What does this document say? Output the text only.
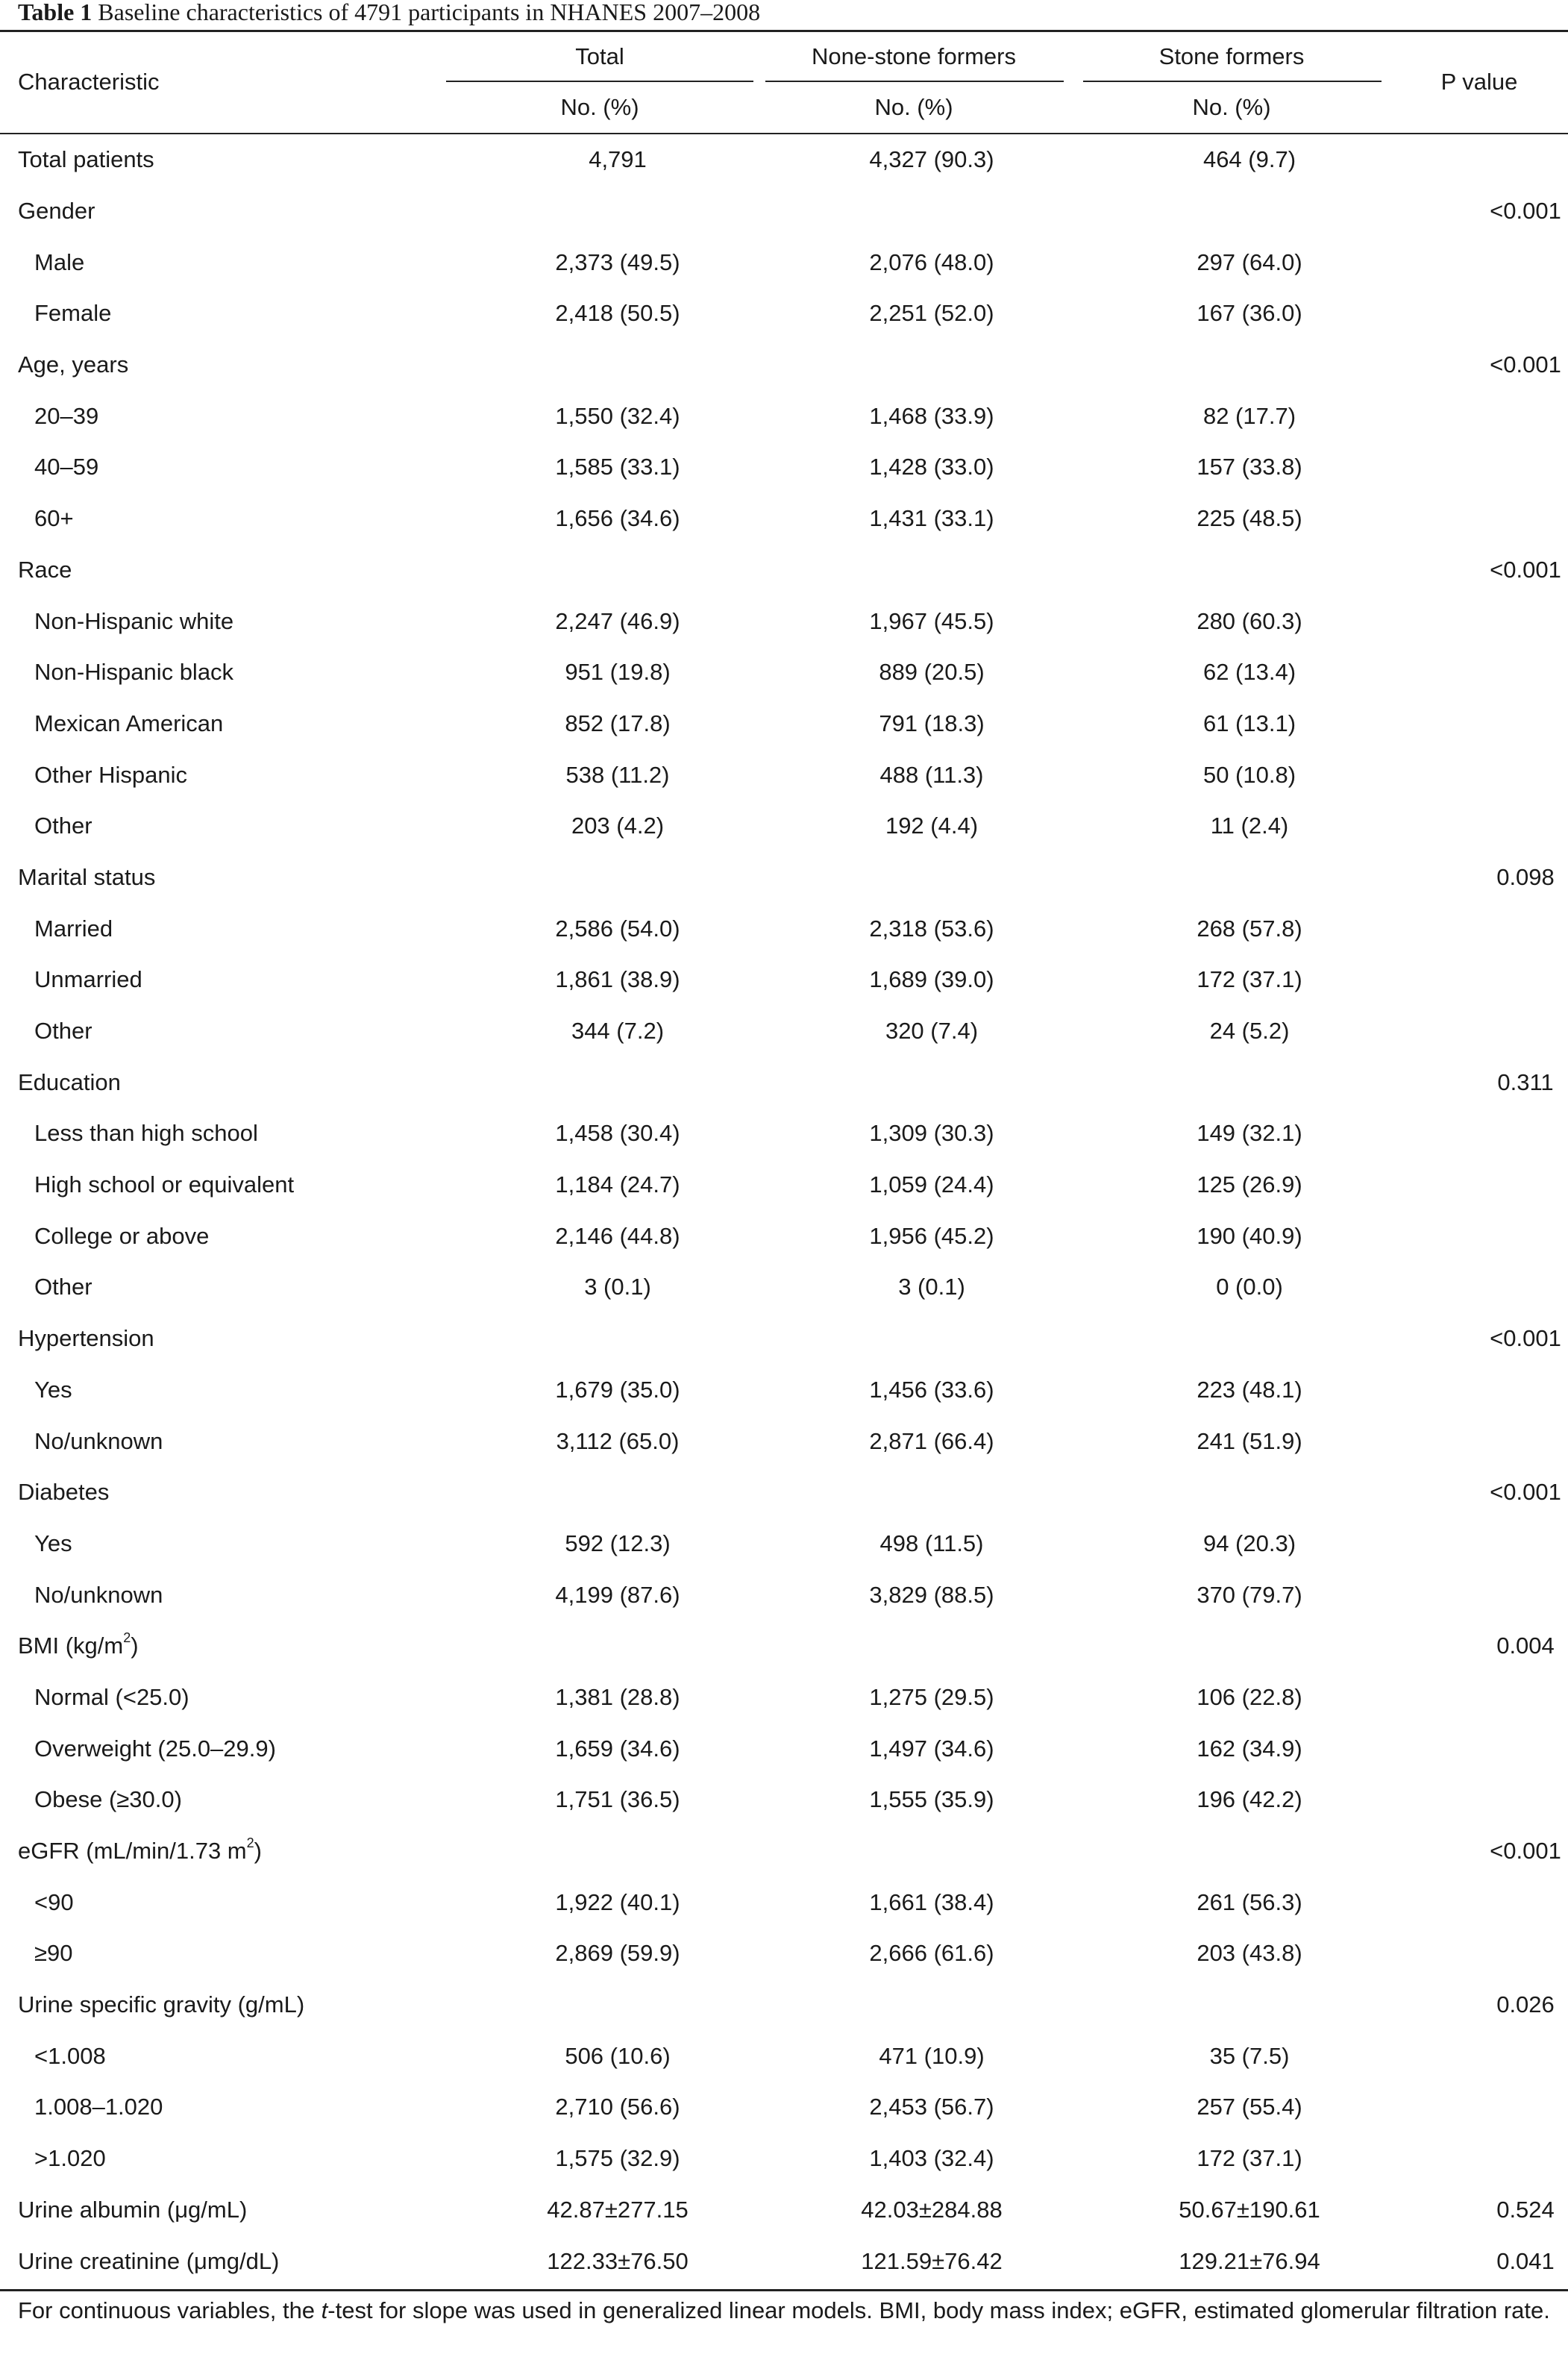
Table 1 Baseline characteristics of 4791 participants in NHANES 2007–2008
Characteristic
Total	None-stone formers	Stone formers
No. (%)	No. (%)	No. (%)
P value
Total patients	4,791	4,327 (90.3)	464 (9.7)	
Gender				<0.001
Male	2,373 (49.5)	2,076 (48.0)	297 (64.0)	
Female	2,418 (50.5)	2,251 (52.0)	167 (36.0)	
Age, years				<0.001
20–39	1,550 (32.4)	1,468 (33.9)	82 (17.7)	
40–59	1,585 (33.1)	1,428 (33.0)	157 (33.8)	
60+	1,656 (34.6)	1,431 (33.1)	225 (48.5)	
Race				<0.001
Non-Hispanic white	2,247 (46.9)	1,967 (45.5)	280 (60.3)	
Non-Hispanic black	951 (19.8)	889 (20.5)	62 (13.4)	
Mexican American	852 (17.8)	791 (18.3)	61 (13.1)	
Other Hispanic	538 (11.2)	488 (11.3)	50 (10.8)	
Other	203 (4.2)	192 (4.4)	11 (2.4)	
Marital status				0.098
Married	2,586 (54.0)	2,318 (53.6)	268 (57.8)	
Unmarried	1,861 (38.9)	1,689 (39.0)	172 (37.1)	
Other	344 (7.2)	320 (7.4)	24 (5.2)	
Education				0.311
Less than high school	1,458 (30.4)	1,309 (30.3)	149 (32.1)	
High school or equivalent	1,184 (24.7)	1,059 (24.4)	125 (26.9)	
College or above	2,146 (44.8)	1,956 (45.2)	190 (40.9)	
Other	3 (0.1)	3 (0.1)	0 (0.0)	
Hypertension				<0.001
Yes	1,679 (35.0)	1,456 (33.6)	223 (48.1)	
No/unknown	3,112 (65.0)	2,871 (66.4)	241 (51.9)	
Diabetes				<0.001
Yes	592 (12.3)	498 (11.5)	94 (20.3)	
No/unknown	4,199 (87.6)	3,829 (88.5)	370 (79.7)	
BMI $(kg/m^2)$				0.004
Normal (<25.0)	1,381 (28.8)	1,275 (29.5)	106 (22.8)	
Overweight (25.0–29.9)	1,659 (34.6)	1,497 (34.6)	162 (34.9)	
Obese (≥30.0)	1,751 (36.5)	1,555 (35.9)	196 (42.2)	
eGFR (mL/min/1.73 $m^2$)				<0.001
<90	1,922 (40.1)	1,661 (38.4)	261 (56.3)	
≥90	2,869 (59.9)	2,666 (61.6)	203 (43.8)	
Urine specific gravity (g/mL)				0.026
<1.008	506 (10.6)	471 (10.9)	35 (7.5)	
1.008–1.020	2,710 (56.6)	2,453 (56.7)	257 (55.4)	
>1.020	1,575 (32.9)	1,403 (32.4)	172 (37.1)	
Urine albumin (μg/mL)	42.87±277.15	42.03±284.88	50.67±190.61	0.524
Urine creatinine (μmg/dL)	122.33±76.50	121.59±76.42	129.21±76.94	0.041
For continuous variables, the t-test for slope was used in generalized linear models. BMI, body mass index; eGFR, estimated glomerular filtration rate.
